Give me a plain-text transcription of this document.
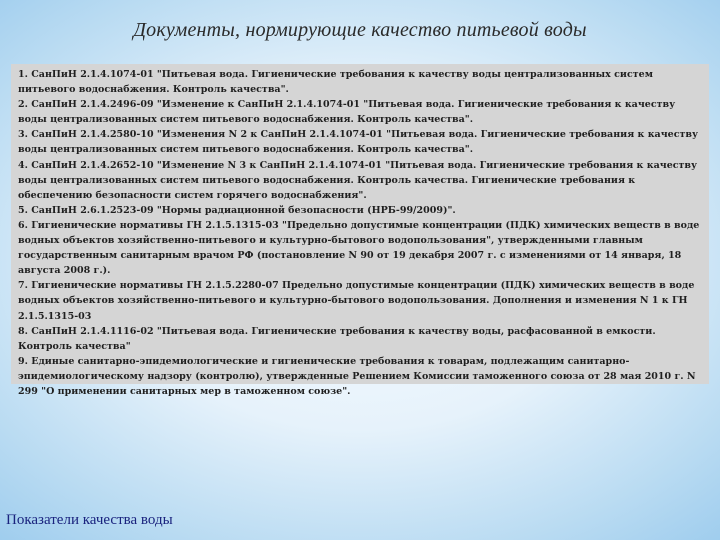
Документы, нормирующие качество питьевой воды
1. СанПиН 2.1.4.1074-01 "Питьевая вода. Гигиенические требования к качеству воды централизованных систем питьевого водоснабжения. Контроль качества".
2. СанПиН 2.1.4.2496-09 "Изменение к СанПиН 2.1.4.1074-01 "Питьевая вода. Гигиенические требования к качеству воды централизованных систем питьевого водоснабжения. Контроль качества".
3. СанПиН 2.1.4.2580-10 "Изменения N 2 к СанПиН 2.1.4.1074-01 "Питьевая вода. Гигиенические требования к качеству воды централизованных систем питьевого водоснабжения. Контроль качества".
4. СанПиН 2.1.4.2652-10 "Изменение N 3 к СанПиН 2.1.4.1074-01 "Питьевая вода. Гигиенические требования к качеству воды централизованных систем питьевого водоснабжения. Контроль качества. Гигиенические требования к обеспечению безопасности систем горячего водоснабжения".
5. СанПиН 2.6.1.2523-09 "Нормы радиационной безопасности (НРБ-99/2009)".
6. Гигиенические нормативы ГН 2.1.5.1315-03 "Предельно допустимые концентрации (ПДК) химических веществ в воде водных объектов хозяйственно-питьевого и культурно-бытового водопользования", утвержденными главным государственным санитарным врачом РФ (постановление N 90 от 19 декабря 2007 г. с изменениями от 14 января, 18 августа 2008 г.).
7. Гигиенические нормативы ГН 2.1.5.2280-07 Предельно допустимые концентрации (ПДК) химических веществ в воде водных объектов хозяйственно-питьевого и культурно-бытового водопользования. Дополнения и изменения N 1 к ГН 2.1.5.1315-03
8. СанПиН 2.1.4.1116-02 "Питьевая вода. Гигиенические требования к качеству воды, расфасованной в емкости. Контроль качества"
9. Единые санитарно-эпидемиологические и гигиенические требования к товарам, подлежащим санитарно-эпидемиологическому надзору (контролю), утвержденные Решением Комиссии таможенного союза от 28 мая 2010 г. N 299 "О применении санитарных мер в таможенном союзе".
Показатели качества воды
